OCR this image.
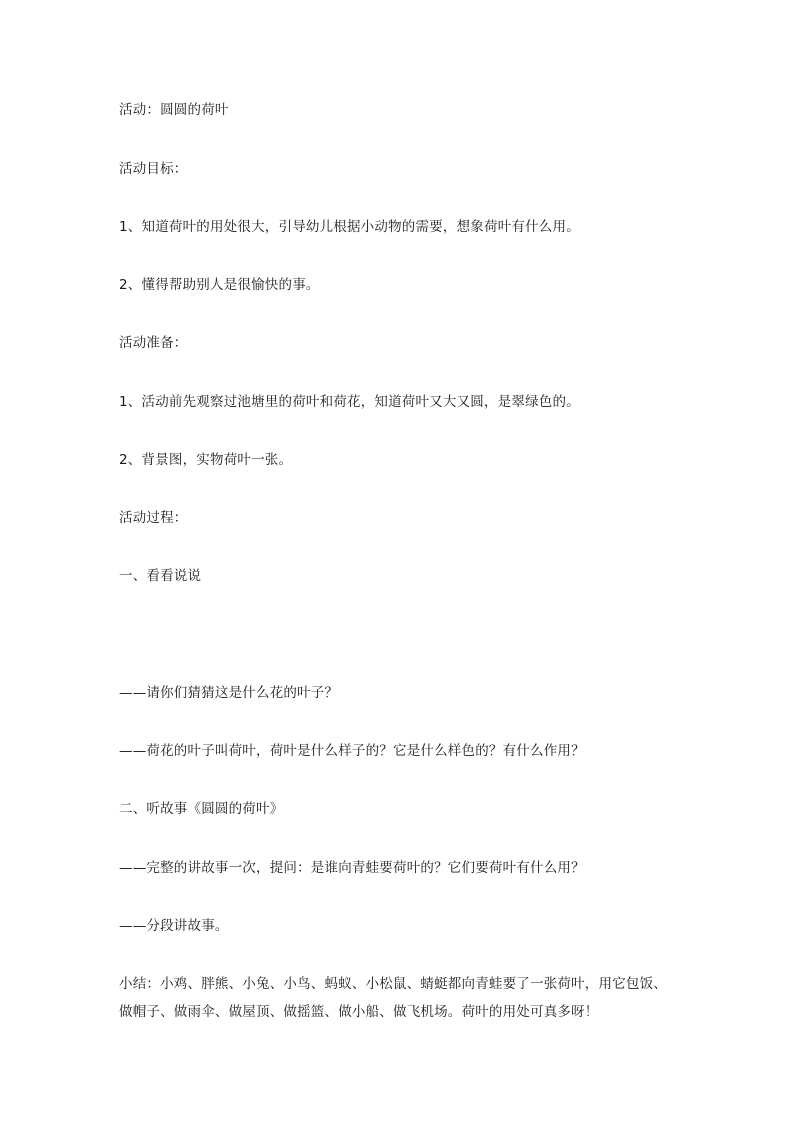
活动：圆圆的荷叶
活动目标：
1、知道荷叶的用处很大，引导幼儿根据小动物的需要，想象荷叶有什么用。
2、懂得帮助别人是很愉快的事。
活动准备：
1、活动前先观察过池塘里的荷叶和荷花，知道荷叶又大又圆，是翠绿色的。
2、背景图，实物荷叶一张。
活动过程：
一、看看说说
——请你们猜猜这是什么花的叶子？
——荷花的叶子叫荷叶，荷叶是什么样子的？它是什么样色的？有什么作用？
二、听故事《圆圆的荷叶》
——完整的讲故事一次，提问：是谁向青蛙要荷叶的？它们要荷叶有什么用？
——分段讲故事。
小结：小鸡、胖熊、小兔、小鸟、蚂蚁、小松鼠、蜻蜓都向青蛙要了一张荷叶，用它包饭、
做帽子、做雨伞、做屋顶、做摇篮、做小船、做飞机场。荷叶的用处可真多呀！
